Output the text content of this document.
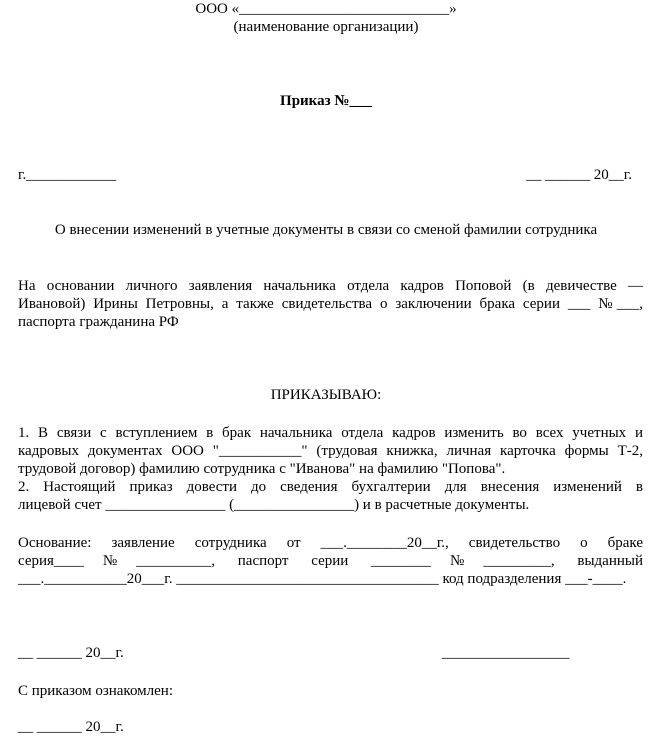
ООО «____________________________»
(наименование организации)
Приказ №___
г.____________	__ ______ 20__г.
О внесении изменений в учетные документы в связи со сменой фамилии сотрудника
На основании личного заявления начальника отдела кадров Поповой (в девичестве —
Ивановой) Ирины Петровны, а также свидетельства о заключении брака серии ___ №___,
паспорта гражданина РФ
ПРИКАЗЫВАЮ:
1. В связи с вступлением в брак начальника отдела кадров изменить во всех учетных и
кадровых документах ООО "___________" (трудовая книжка, личная карточка формы Т-2,
трудовой договор) фамилию сотрудника с "Иванова" на фамилию "Попова".
2. Настоящий приказ довести до сведения бухгалтерии для внесения изменений в
лицевой счет ________________ (________________) и в расчетные документы.
Основание: заявление сотрудника от ___.________20__г., свидетельство о браке
серия____№__________, паспорт серии ________№_________, выданный
___.___________20___г. ___________________________________ код подразделения ___-____.
__ ______ 20__г.	_________________
С приказом ознакомлен:
__ ______ 20__г.
